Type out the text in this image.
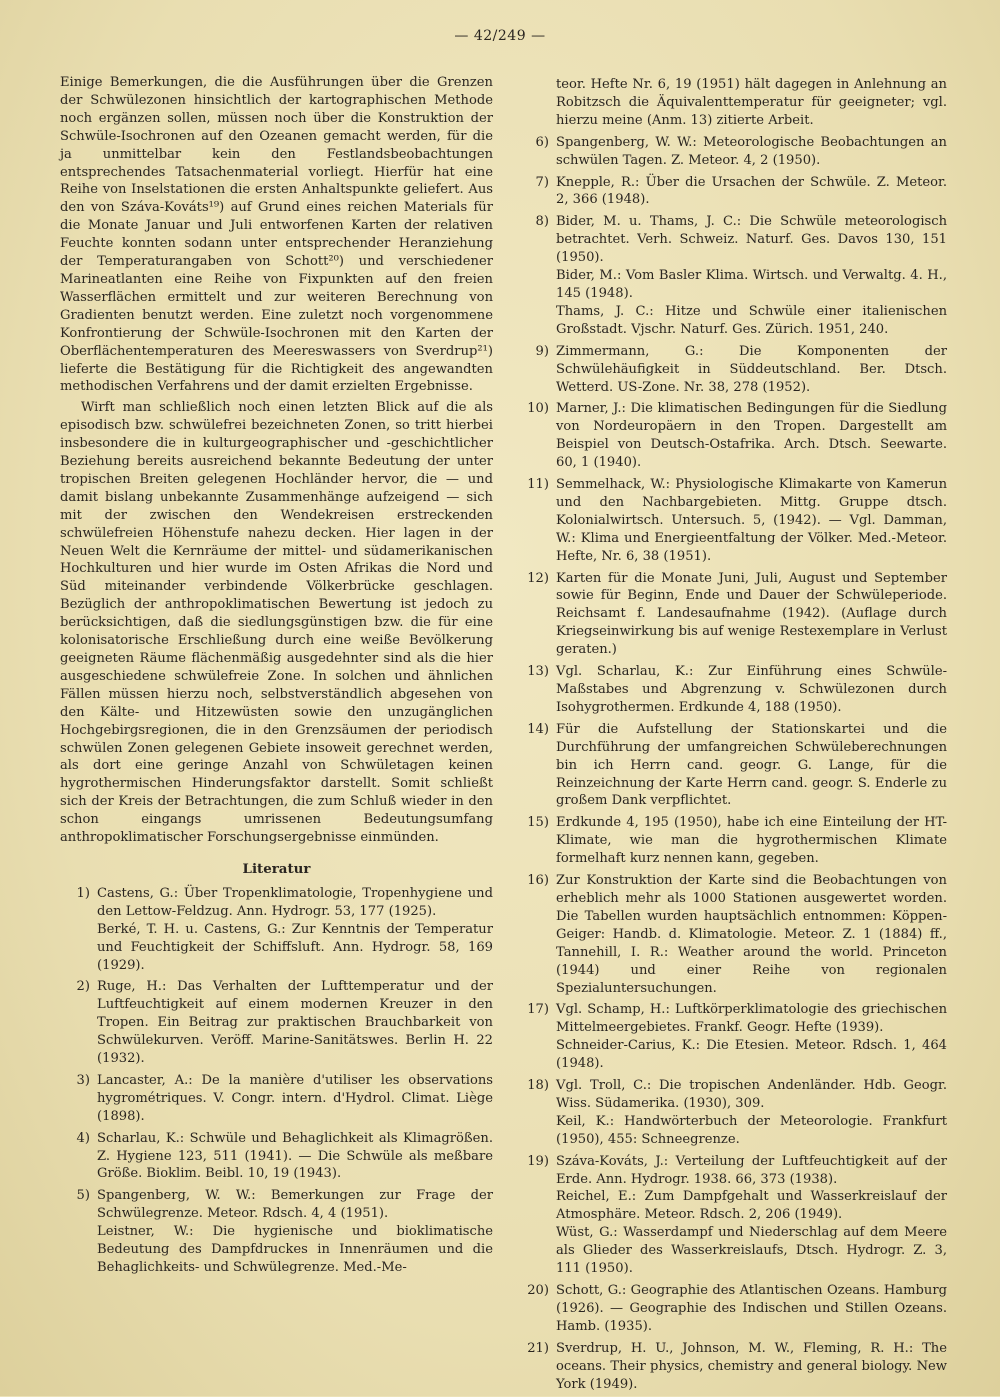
— 42/249 —

Einige Bemerkungen, die die Ausführungen über die Grenzen der Schwülezonen hinsichtlich der kartographischen Methode noch ergänzen sollen, müssen noch über die Konstruktion der Schwüle-Isochronen auf den Ozeanen gemacht werden, für die ja unmittelbar kein den Festlandsbeobachtungen entsprechendes Tatsachenmaterial vorliegt. Hierfür hat eine Reihe von Inselstationen die ersten Anhaltspunkte geliefert. Aus den von Száva-Kováts¹⁹) auf Grund eines reichen Materials für die Monate Januar und Juli entworfenen Karten der relativen Feuchte konnten sodann unter entsprechender Heranziehung der Temperaturangaben von Schott²⁰) und verschiedener Marineatlanten eine Reihe von Fixpunkten auf den freien Wasserflächen ermittelt und zur weiteren Berechnung von Gradienten benutzt werden. Eine zuletzt noch vorgenommene Konfrontierung der Schwüle-Isochronen mit den Karten der Oberflächentemperaturen des Meereswassers von Sverdrup²¹) lieferte die Bestätigung für die Richtigkeit des angewandten methodischen Verfahrens und der damit erzielten Ergebnisse.

Wirft man schließlich noch einen letzten Blick auf die als episodisch bzw. schwülefrei bezeichneten Zonen, so tritt hierbei insbesondere die in kulturgeographischer und -geschichtlicher Beziehung bereits ausreichend bekannte Bedeutung der unter tropischen Breiten gelegenen Hochländer hervor, die — und damit bislang unbekannte Zusammenhänge aufzeigend — sich mit der zwischen den Wendekreisen erstreckenden schwülefreien Höhenstufe nahezu decken. Hier lagen in der Neuen Welt die Kernräume der mittel- und südamerikanischen Hochkulturen und hier wurde im Osten Afrikas die Nord und Süd miteinander verbindende Völkerbrücke geschlagen. Bezüglich der anthropoklimatischen Bewertung ist jedoch zu berücksichtigen, daß die siedlungsgünstigen bzw. die für eine kolonisatorische Erschließung durch eine weiße Bevölkerung geeigneten Räume flächenmäßig ausgedehnter sind als die hier ausgeschiedene schwülefreie Zone. In solchen und ähnlichen Fällen müssen hierzu noch, selbstverständlich abgesehen von den Kälte- und Hitzewüsten sowie den unzugänglichen Hochgebirgsregionen, die in den Grenzsäumen der periodisch schwülen Zonen gelegenen Gebiete insoweit gerechnet werden, als dort eine geringe Anzahl von Schwületagen keinen hygrothermischen Hinderungsfaktor darstellt. Somit schließt sich der Kreis der Betrachtungen, die zum Schluß wieder in den schon eingangs umrissenen Bedeutungsumfang anthropoklimatischer Forschungsergebnisse einmünden.

Literatur
1) Castens, G.: Über Tropenklimatologie, Tropenhygiene und den Lettow-Feldzug. Ann. Hydrogr. 53, 177 (1925).
Berké, T. H. u. Castens, G.: Zur Kenntnis der Temperatur und Feuchtigkeit der Schiffsluft. Ann. Hydrogr. 58, 169 (1929).
2) Ruge, H.: Das Verhalten der Lufttemperatur und der Luftfeuchtigkeit auf einem modernen Kreuzer in den Tropen. Ein Beitrag zur praktischen Brauchbarkeit von Schwülekurven. Veröff. Marine-Sanitätswes. Berlin H. 22 (1932).
3) Lancaster, A.: De la manière d'utiliser les observations hygrométriques. V. Congr. intern. d'Hydrol. Climat. Liège (1898).
4) Scharlau, K.: Schwüle und Behaglichkeit als Klimagrößen. Z. Hygiene 123, 511 (1941). — Die Schwüle als meßbare Größe. Bioklim. Beibl. 10, 19 (1943).
5) Spangenberg, W. W.: Bemerkungen zur Frage der Schwülegrenze. Meteor. Rdsch. 4, 4 (1951).
Leistner, W.: Die hygienische und bioklimatische Bedeutung des Dampfdruckes in Innenräumen und die Behaglichkeits- und Schwülegrenze. Med.-Me-
teor. Hefte Nr. 6, 19 (1951) hält dagegen in Anlehnung an Robitzsch die Äquivalenttemperatur für geeigneter; vgl. hierzu meine (Anm. 13) zitierte Arbeit.
6) Spangenberg, W. W.: Meteorologische Beobachtungen an schwülen Tagen. Z. Meteor. 4, 2 (1950).
7) Knepple, R.: Über die Ursachen der Schwüle. Z. Meteor. 2, 366 (1948).
8) Bider, M. u. Thams, J. C.: Die Schwüle meteorologisch betrachtet. Verh. Schweiz. Naturf. Ges. Davos 130, 151 (1950).
Bider, M.: Vom Basler Klima. Wirtsch. und Verwaltg. 4. H., 145 (1948).
Thams, J. C.: Hitze und Schwüle einer italienischen Großstadt. Vjschr. Naturf. Ges. Zürich. 1951, 240.
9) Zimmermann, G.: Die Komponenten der Schwülehäufigkeit in Süddeutschland. Ber. Dtsch. Wetterd. US-Zone. Nr. 38, 278 (1952).
10) Marner, J.: Die klimatischen Bedingungen für die Siedlung von Nordeuropäern in den Tropen. Dargestellt am Beispiel von Deutsch-Ostafrika. Arch. Dtsch. Seewarte. 60, 1 (1940).
11) Semmelhack, W.: Physiologische Klimakarte von Kamerun und den Nachbargebieten. Mittg. Gruppe dtsch. Kolonialwirtsch. Untersuch. 5, (1942). — Vgl. Damman, W.: Klima und Energieentfaltung der Völker. Med.-Meteor. Hefte, Nr. 6, 38 (1951).
12) Karten für die Monate Juni, Juli, August und September sowie für Beginn, Ende und Dauer der Schwüleperiode. Reichsamt f. Landesaufnahme (1942). (Auflage durch Kriegseinwirkung bis auf wenige Restexemplare in Verlust geraten.)
13) Vgl. Scharlau, K.: Zur Einführung eines Schwüle-Maßstabes und Abgrenzung v. Schwülezonen durch Isohygrothermen. Erdkunde 4, 188 (1950).
14) Für die Aufstellung der Stationskartei und die Durchführung der umfangreichen Schwüleberechnungen bin ich Herrn cand. geogr. G. Lange, für die Reinzeichnung der Karte Herrn cand. geogr. S. Enderle zu großem Dank verpflichtet.
15) Erdkunde 4, 195 (1950), habe ich eine Einteilung der HT-Klimate, wie man die hygrothermischen Klimate formelhaft kurz nennen kann, gegeben.
16) Zur Konstruktion der Karte sind die Beobachtungen von erheblich mehr als 1000 Stationen ausgewertet worden. Die Tabellen wurden hauptsächlich entnommen: Köppen-Geiger: Handb. d. Klimatologie. Meteor. Z. 1 (1884) ff., Tannehill, I. R.: Weather around the world. Princeton (1944) und einer Reihe von regionalen Spezialuntersuchungen.
17) Vgl. Schamp, H.: Luftkörperklimatologie des griechischen Mittelmeergebietes. Frankf. Geogr. Hefte (1939).
Schneider-Carius, K.: Die Etesien. Meteor. Rdsch. 1, 464 (1948).
18) Vgl. Troll, C.: Die tropischen Andenländer. Hdb. Geogr. Wiss. Südamerika. (1930), 309.
Keil, K.: Handwörterbuch der Meteorologie. Frankfurt (1950), 455: Schneegrenze.
19) Száva-Kováts, J.: Verteilung der Luftfeuchtigkeit auf der Erde. Ann. Hydrogr. 1938. 66, 373 (1938).
Reichel, E.: Zum Dampfgehalt und Wasserkreislauf der Atmosphäre. Meteor. Rdsch. 2, 206 (1949).
Wüst, G.: Wasserdampf und Niederschlag auf dem Meere als Glieder des Wasserkreislaufs, Dtsch. Hydrogr. Z. 3, 111 (1950).
20) Schott, G.: Geographie des Atlantischen Ozeans. Hamburg (1926). — Geographie des Indischen und Stillen Ozeans. Hamb. (1935).
21) Sverdrup, H. U., Johnson, M. W., Fleming, R. H.: The oceans. Their physics, chemistry and general biology. New York (1949).
